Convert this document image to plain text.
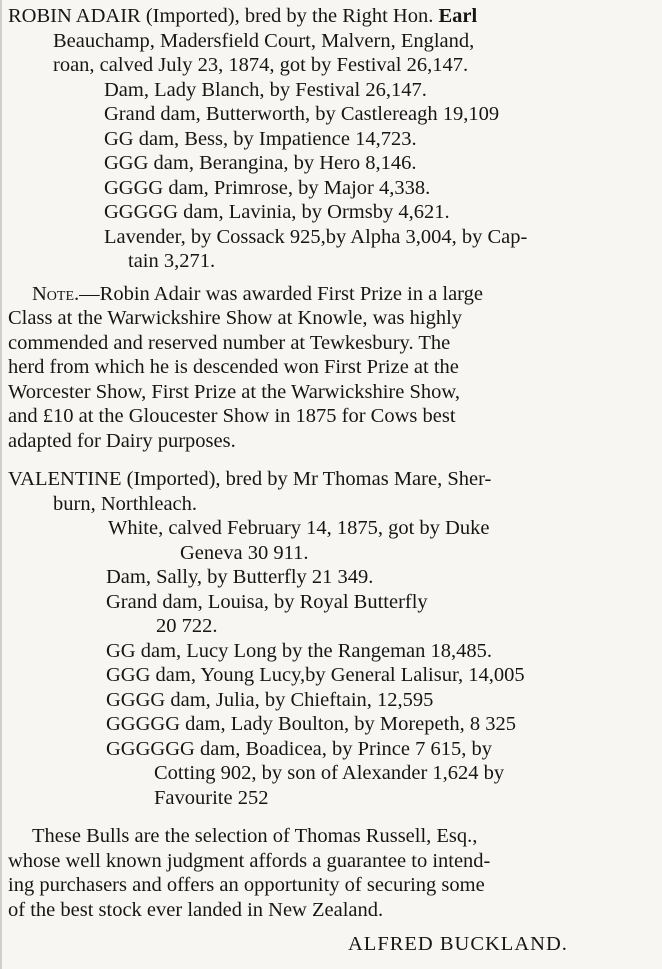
ROBIN ADAIR (Imported), bred by the Right Hon. Earl
Beauchamp, Madersfield Court, Malvern, England,
roan, calved July 23, 1874, got by Festival 26,147.
Dam, Lady Blanch, by Festival 26,147.
Grand dam, Butterworth, by Castlereagh 19,109
GG dam, Bess, by Impatience 14,723.
GGG dam, Berangina, by Hero 8,146.
GGGG dam, Primrose, by Major 4,338.
GGGGG dam, Lavinia, by Ormsby 4,621.
Lavender, by Cossack 925,by Alpha 3,004, by Cap-
tain 3,271.
Note.—Robin Adair was awarded First Prize in a large
Class at the Warwickshire Show at Knowle, was highly
commended and reserved number at Tewkesbury. The
herd from which he is descended won First Prize at the
Worcester Show, First Prize at the Warwickshire Show,
and £10 at the Gloucester Show in 1875 for Cows best
adapted for Dairy purposes.
VALENTINE (Imported), bred by Mr Thomas Mare, Sher-
burn, Northleach.
White, calved February 14, 1875, got by Duke
Geneva 30 911.
Dam, Sally, by Butterfly 21 349.
Grand dam, Louisa, by Royal Butterfly
20 722.
GG dam, Lucy Long by the Rangeman 18,485.
GGG dam, Young Lucy,by General Lalisur, 14,005
GGGG dam, Julia, by Chieftain, 12,595
GGGGG dam, Lady Boulton, by Morepeth, 8 325
GGGGGG dam, Boadicea, by Prince 7 615, by
Cotting 902, by son of Alexander 1,624 by
Favourite 252
These Bulls are the selection of Thomas Russell, Esq.,
whose well known judgment affords a guarantee to intend-
ing purchasers and offers an opportunity of securing some
of the best stock ever landed in New Zealand.
ALFRED BUCKLAND.
